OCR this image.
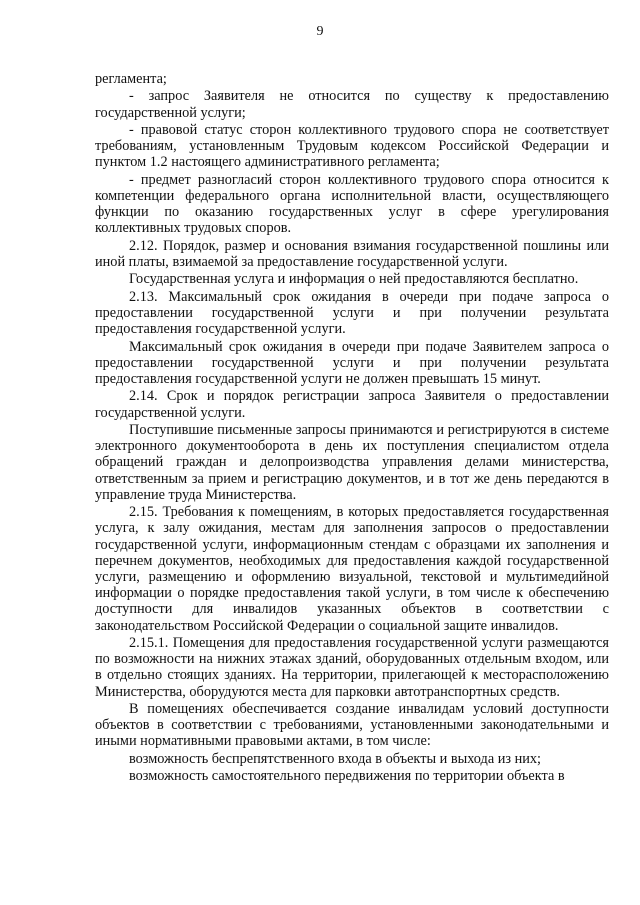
9

регламента;

- запрос Заявителя не относится по существу к предоставлению государственной услуги;

- правовой статус сторон коллективного трудового спора не соответствует требованиям, установленным Трудовым кодексом Российской Федерации и пунктом 1.2 настоящего административного регламента;

- предмет разногласий сторон коллективного трудового спора относится к компетенции федерального органа исполнительной власти, осуществляющего функции по оказанию государственных услуг в сфере урегулирования коллективных трудовых споров.

2.12. Порядок, размер и основания взимания государственной пошлины или иной платы, взимаемой за предоставление государственной услуги.

Государственная услуга и информация о ней предоставляются бесплатно.

2.13. Максимальный срок ожидания в очереди при подаче запроса о предоставлении государственной услуги и при получении результата предоставления государственной услуги.

Максимальный срок ожидания в очереди при подаче Заявителем запроса о предоставлении государственной услуги и при получении результата предоставления государственной услуги не должен превышать 15 минут.

2.14. Срок и порядок регистрации запроса Заявителя о предоставлении государственной услуги.

Поступившие письменные запросы принимаются и регистрируются в системе электронного документооборота в день их поступления специалистом отдела обращений граждан и делопроизводства управления делами министерства, ответственным за прием и регистрацию документов, и в тот же день передаются в управление труда Министерства.

2.15. Требования к помещениям, в которых предоставляется государственная услуга, к залу ожидания, местам для заполнения запросов о предоставлении государственной услуги, информационным стендам с образцами их заполнения и перечнем документов, необходимых для предоставления каждой государственной услуги, размещению и оформлению визуальной, текстовой и мультимедийной информации о порядке предоставления такой услуги, в том числе к обеспечению доступности для инвалидов указанных объектов в соответствии с законодательством Российской Федерации о социальной защите инвалидов.

2.15.1. Помещения для предоставления государственной услуги размещаются по возможности на нижних этажах зданий, оборудованных отдельным входом, или в отдельно стоящих зданиях. На территории, прилегающей к месторасположению Министерства, оборудуются места для парковки автотранспортных средств.

В помещениях обеспечивается создание инвалидам условий доступности объектов в соответствии с требованиями, установленными законодательными и иными нормативными правовыми актами, в том числе:

возможность беспрепятственного входа в объекты и выхода из них;

возможность самостоятельного передвижения по территории объекта в
